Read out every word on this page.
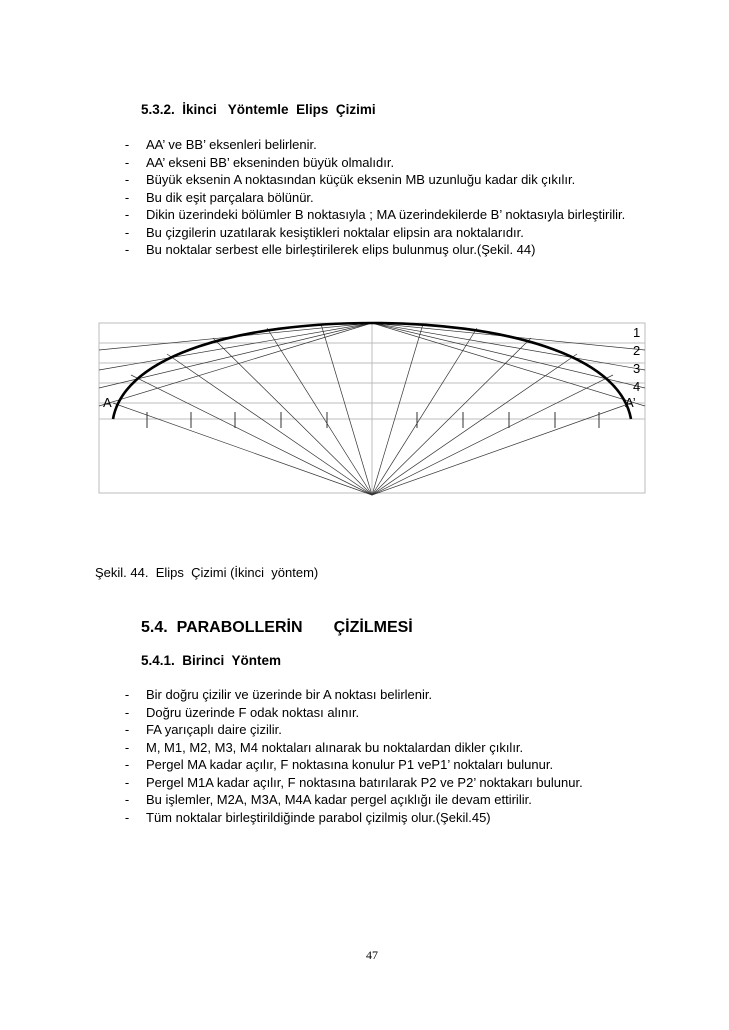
5.3.2.  İkinci   Yöntemle  Elips  Çizimi
-	AA’ ve BB’ eksenleri belirlenir.
-	AA’ ekseni BB’ ekseninden büyük olmalıdır.
-	Büyük eksenin A noktasından küçük eksenin MB uzunluğu kadar dik çıkılır.
-	Bu dik eşit parçalara bölünür.
-	Dikin üzerindeki bölümler B noktasıyla ; MA üzerindekilerde B’ noktasıyla birleştirilir.
-	Bu çizgilerin uzatılarak kesiştikleri noktalar elipsin ara noktalarıdır.
-	Bu noktalar serbest elle birleştirilerek elips bulunmuş olur.(Şekil. 44)
A	A’
1
2
3
4
Şekil. 44.  Elips  Çizimi (İkinci  yöntem)
5.4.  PARABOLLERİN       ÇİZİLMESİ
5.4.1.  Birinci  Yöntem
-	Bir doğru çizilir ve üzerinde bir A noktası belirlenir.
-	Doğru üzerinde F odak noktası alınır.
-	FA yarıçaplı daire çizilir.
-	M, M1, M2, M3, M4 noktaları alınarak bu noktalardan dikler çıkılır.
-	Pergel MA kadar açılır, F noktasına konulur P1 veP1’ noktaları bulunur.
-	Pergel M1A kadar açılır, F noktasına batırılarak P2 ve P2’ noktakarı bulunur.
-	Bu işlemler, M2A, M3A, M4A kadar pergel açıklığı ile devam ettirilir.
-	Tüm noktalar birleştirildiğinde parabol çizilmiş olur.(Şekil.45)
47
